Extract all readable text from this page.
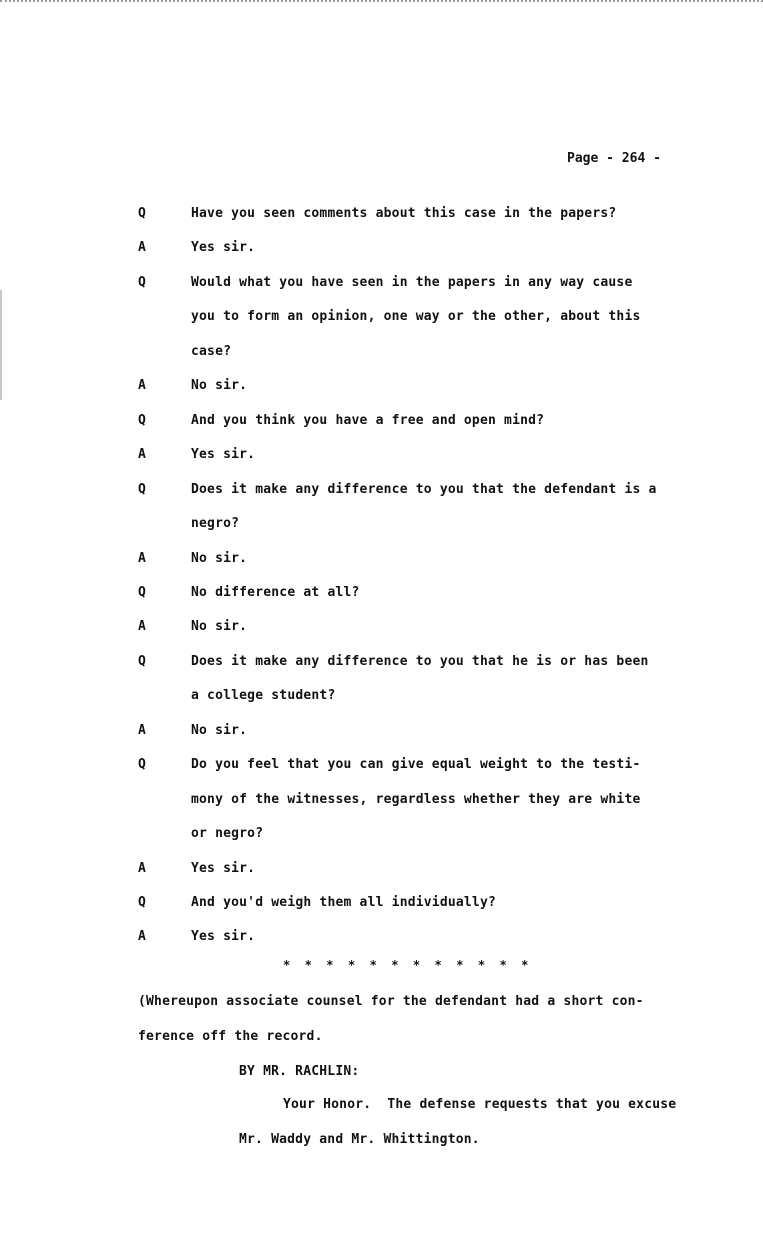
Page - 264 -
Q	Have you seen comments about this case in the papers?
A	Yes sir.
Q	Would what you have seen in the papers in any way cause
you to form an opinion, one way or the other, about this
case?
A	No sir.
Q	And you think you have a free and open mind?
A	Yes sir.
Q	Does it make any difference to you that the defendant is a
negro?
A	No sir.
Q	No difference at all?
A	No sir.
Q	Does it make any difference to you that he is or has been
a college student?
A	No sir.
Q	Do you feel that you can give equal weight to the testi-
mony of the witnesses, regardless whether they are white
or negro?
A	Yes sir.
Q	And you'd weigh them all individually?
A	Yes sir.
* * * * * * * * * * * *
(Whereupon associate counsel for the defendant had a short con-
ference off the record.
BY MR. RACHLIN:
Your Honor.  The defense requests that you excuse
Mr. Waddy and Mr. Whittington.
